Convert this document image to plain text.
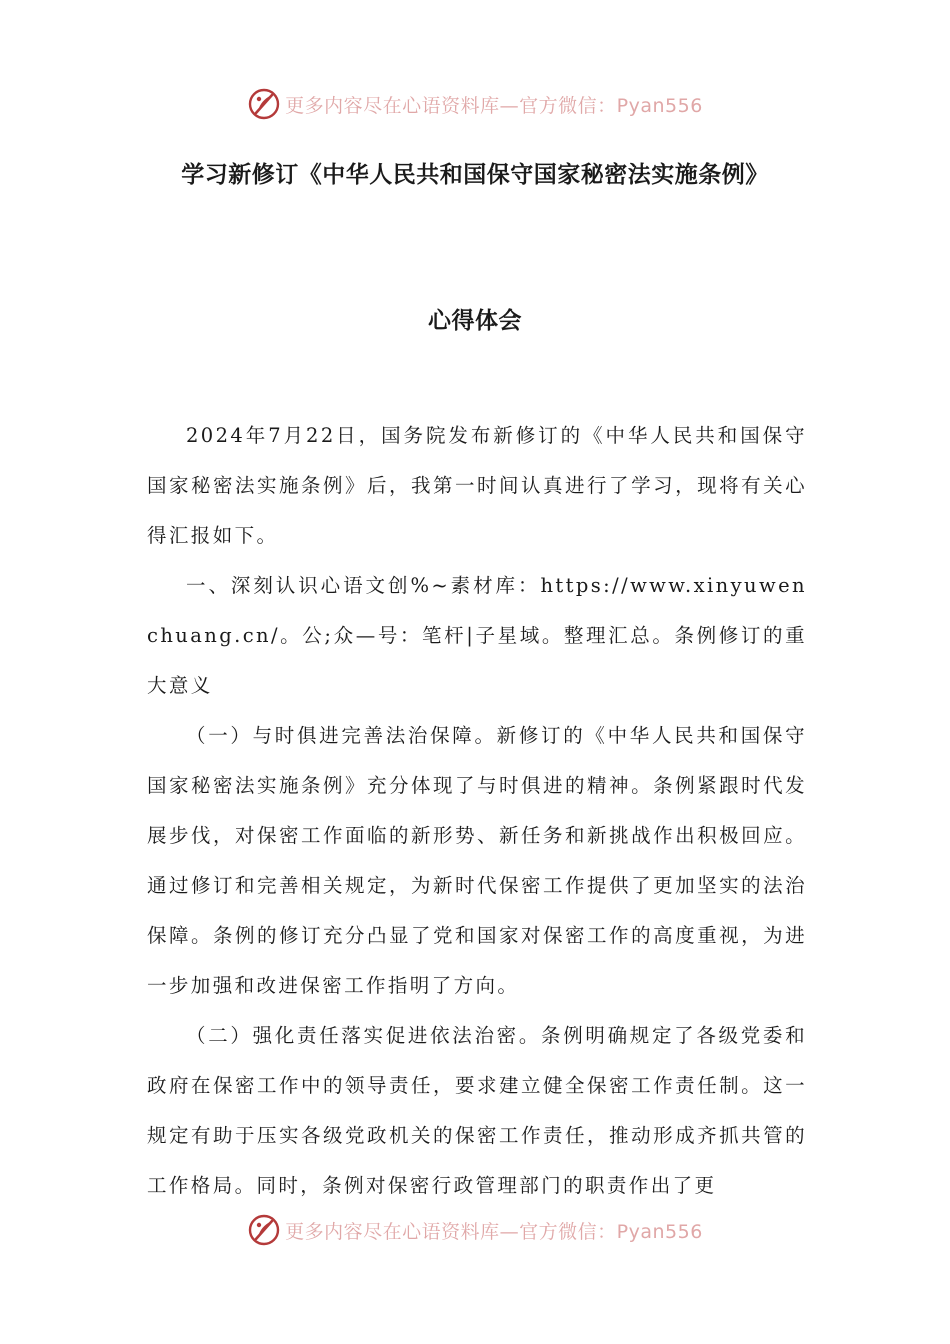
更多内容尽在心语资料库—官方微信：Pyan556
学习新修订《中华人民共和国保守国家秘密法实施条例》
心得体会

2024年7月22日，国务院发布新修订的《中华人民共和国保守国家秘密法实施条例》后，我第一时间认真进行了学习，现将有关心得汇报如下。

一、深刻认识心语文创%~素材库：https://www.xinyuwenchuang.cn/。公;众—号：笔杆|子星域。整理汇总。条例修订的重大意义

（一）与时俱进完善法治保障。新修订的《中华人民共和国保守国家秘密法实施条例》充分体现了与时俱进的精神。条例紧跟时代发展步伐，对保密工作面临的新形势、新任务和新挑战作出积极回应。通过修订和完善相关规定，为新时代保密工作提供了更加坚实的法治保障。条例的修订充分凸显了党和国家对保密工作的高度重视，为进一步加强和改进保密工作指明了方向。

（二）强化责任落实促进依法治密。条例明确规定了各级党委和政府在保密工作中的领导责任，要求建立健全保密工作责任制。这一规定有助于压实各级党政机关的保密工作责任，推动形成齐抓共管的工作格局。同时，条例对保密行政管理部门的职责作出了更

更多内容尽在心语资料库—官方微信：Pyan556
